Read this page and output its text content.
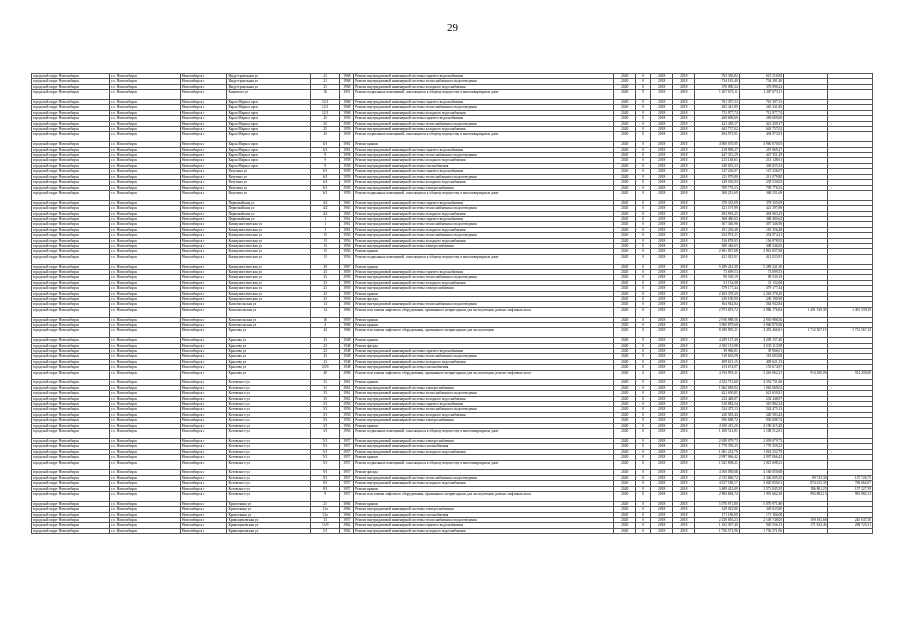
29
городской округ Новосибирск	г.о. Новосибирск	Новосибирск г	Индустриальная ул	21	1968	Ремонт внутридомовой инженерной системы горячего водоснабжения	2020	0	2018	2018	763 350,82	615 310,85		
городской округ Новосибирск	г.о. Новосибирск	Новосибирск г	Индустриальная ул	21	1968	Ремонт внутридомовой инженерной системы теплоснабжения и водоотведения	2020	0	2018	2018	734 181,40	734 181,40		
городской округ Новосибирск	г.о. Новосибирск	Новосибирск г	Индустриальная ул	21	1968	Ремонт внутридомовой инженерной системы холодного водоснабжения	2020	0	2018	2018	376 090,24	376 090,24		
городской округ Новосибирск	г.о. Новосибирск	Новосибирск г	Кинокооп ул	16	1951	Ремонт подвальных помещений, относящихся к общему имуществу в многоквартирном доме	2020	0	2018	2018	1 207 673,11	1 207 673,11		
городской округ Новосибирск	г.о. Новосибирск	Новосибирск г	Карла Маркса прсп	12/1	1968	Ремонт внутридомовой инженерной системы горячего водоснабжения	2020	0	2018	2018	761 397,33	761 397,33		
городской округ Новосибирск	г.о. Новосибирск	Новосибирск г	Карла Маркса прсп	12/1	1968	Ремонт внутридомовой инженерной системы теплоснабжения и водоотведения	2020	0	2018	2018	265 341,85	265 341,85		
городской округ Новосибирск	г.о. Новосибирск	Новосибирск г	Карла Маркса прсп	12/1	1968	Ремонт внутридомовой инженерной системы холодного водоснабжения	2020	0	2018	2018	711 977,74	711 977,74		
городской округ Новосибирск	г.о. Новосибирск	Новосибирск г	Карла Маркса прсп	25	1959	Ремонт внутридомовой инженерной системы горячего водоснабжения	2020	0	2018	2018	269 609,60	269 609,60		
городской округ Новосибирск	г.о. Новосибирск	Новосибирск г	Карла Маркса прсп	25	1959	Ремонт внутридомовой инженерной системы теплоснабжения и водоотведения	2020	0	2018	2018	421 439,17	421 439,17		
городской округ Новосибирск	г.о. Новосибирск	Новосибирск г	Карла Маркса прсп	25	1959	Ремонт внутридомовой инженерной системы холодного водоснабжения	2020	0	2018	2018	643 757,02	643 757,02		
городской округ Новосибирск	г.о. Новосибирск	Новосибирск г	Карла Маркса прсп	25	1959	Ремонт подвальных помещений, относящихся к общему имуществу в многоквартирном доме	2020	0	2018	2018	494 973,91	494 973,91		
городской округ Новосибирск	г.о. Новосибирск	Новосибирск г	Карла Маркса прсп	6/1	1961	Ремонт крыши	2020	0	2018	2018	4 960 670,05	4 960 670,05		
городской округ Новосибирск	г.о. Новосибирск	Новосибирск г	Карла Маркса прсп	6/1	1961	Ремонт внутридомовой инженерной системы горячего водоснабжения	2020	0	2018	2018	219 969,27	219 969,27		
городской округ Новосибирск	г.о. Новосибирск	Новосибирск г	Карла Маркса прсп	9	1958	Ремонт внутридомовой инженерной системы теплоснабжения и водоотведения	2020	0	2018	2018	447 351,29	447 351,29		
городской округ Новосибирск	г.о. Новосибирск	Новосибирск г	Карла Маркса прсп	9	1958	Ремонт внутридомовой инженерной системы холодного водоснабжения	2020	0	2018	2018	213 148,61	213 148,61		
городской округ Новосибирск	г.о. Новосибирск	Новосибирск г	Карла Маркса прсп	9	1958	Ремонт внутридомовой инженерной системы газоснабжения	2020	0	2018	2018	349 055,33	349 055,33		
городской округ Новосибирск	г.о. Новосибирск	Новосибирск г	Ватутина ул	6/1	1959	Ремонт внутридомовой инженерной системы горячего водоснабжения	2020	0	2018	2018	147 236,07	147 236,07		
городской округ Новосибирск	г.о. Новосибирск	Новосибирск г	Ватутина ул	6/1	1959	Ремонт внутридомовой инженерной системы теплоснабжения и водоотведения	2020	0	2018	2018	211 079,80	211 079,80		
городской округ Новосибирск	г.о. Новосибирск	Новосибирск г	Ватутина ул	6/1	1959	Ремонт внутридомовой инженерной системы холодного водоснабжения	2020	0	2018	2018	239 530,03	239 530,03		
городской округ Новосибирск	г.о. Новосибирск	Новосибирск г	Ватутина ул	6/1	1959	Ремонт внутридомовой инженерной системы электроснабжения	2020	0	2018	2018	709 776,53	709 776,53		
городской округ Новосибирск	г.о. Новосибирск	Новосибирск г	Ватутина ул	6/1	1959	Ремонт подвальных помещений, относящихся к общему имуществу в многоквартирном доме	2020	0	2018	2018	368 251,69	368 251,69		
городской округ Новосибирск	г.о. Новосибирск	Новосибирск г	Первомайская ул	4/2	1965	Ремонт внутридомовой инженерной системы горячего водоснабжения	2020	0	2018	2018	378 335,09	378 335,09		
городской округ Новосибирск	г.о. Новосибирск	Новосибирск г	Первомайская ул	4/2	1965	Ремонт внутридомовой инженерной системы теплоснабжения и водоотведения	2020	0	2018	2018	421 197,89	421 197,89		
городской округ Новосибирск	г.о. Новосибирск	Новосибирск г	Первомайская ул	4/2	1965	Ремонт внутридомовой инженерной системы холодного водоснабжения	2020	0	2018	2018	494 963,25	494 963,25		
городской округ Новосибирск	г.о. Новосибирск	Новосибирск г	Первомайская ул	1	1961	Ремонт внутридомовой инженерной системы горячего водоснабжения	2020	0	2018	2018	368 480,62	368 480,62		
городской округ Новосибирск	г.о. Новосибирск	Новосибирск г	Коммунистическая ул	1	1961	Ремонт внутридомовой инженерной системы теплоснабжения и водоотведения	2020	0	2018	2018	307 346,96	307 346,96		
городской округ Новосибирск	г.о. Новосибирск	Новосибирск г	Коммунистическая ул	1	1961	Ремонт внутридомовой инженерной системы холодного водоснабжения	2020	0	2018	2018	181 256,48	181 256,48		
городской округ Новосибирск	г.о. Новосибирск	Новосибирск г	Коммунистическая ул	15	1956	Ремонт внутридомовой инженерной системы теплоснабжения и водоотведения	2020	0	2018	2018	254 974,21	254 974,21		
городской округ Новосибирск	г.о. Новосибирск	Новосибирск г	Коммунистическая ул	15	1956	Ремонт внутридомовой инженерной системы холодного водоснабжения	2020	0	2018	2018	156 878,95	156 878,95		
городской округ Новосибирск	г.о. Новосибирск	Новосибирск г	Коммунистическая ул	15	1956	Ремонт внутридомовой инженерной системы электроснабжения	2020	0	2018	2018	308 346,65	308 346,65		
городской округ Новосибирск	г.о. Новосибирск	Новосибирск г	Коммунистическая ул	15	1956	Ремонт крыши	2020	0	2018	2018	2 961 837,68	2 961 837,68		
городской округ Новосибирск	г.о. Новосибирск	Новосибирск г	Коммунистическая ул	15	1956	Ремонт подвальных помещений, относящихся к общему имуществу в многоквартирном доме	2020	0	2018	2018	421 023,91	421 023,91		
городской округ Новосибирск	г.о. Новосибирск	Новосибирск г	Коммунистическая ул	29	1967	Ремонт крыши	2020	0	2018	2018	5 289 241,30	5 289 241,30		
городской округ Новосибирск	г.о. Новосибирск	Новосибирск г	Коммунистическая ул	23	1959	Ремонт внутридомовой инженерной системы горячего водоснабжения	2020	0	2018	2018	73 699,53	73 699,53		
городской округ Новосибирск	г.о. Новосибирск	Новосибирск г	Коммунистическая ул	23	1959	Ремонт внутридомовой инженерной системы теплоснабжения и водоотведения	2020	0	2018	2018	90 530,19	90 530,19		
городской округ Новосибирск	г.о. Новосибирск	Новосибирск г	Коммунистическая ул	23	1959	Ремонт внутридомовой инженерной системы холодного водоснабжения	2020	0	2018	2018	31 132,08	31 132,08		
городской округ Новосибирск	г.о. Новосибирск	Новосибирск г	Коммунистическая ул	23	1959	Ремонт внутридомовой инженерной системы электроснабжения	2020	0	2018	2018	379 177,44	379 177,44		
городской округ Новосибирск	г.о. Новосибирск	Новосибирск г	Коммунистическая ул	23	1959	Ремонт крыши	2020	0	2018	2018	2 263 378,20	2 263 378,20		
городской округ Новосибирск	г.о. Новосибирск	Новосибирск г	Коммунистическая ул	23	1959	Ремонт фасада	2020	0	2018	2018	230 190,90	230 190,90		
городской округ Новосибирск	г.о. Новосибирск	Новосибирск г	Комсомольская ул	14	1965	Ремонт внутридомовой инженерной системы теплоснабжения и водоотведения	2020	0	2018	2018	364 942,84	364 942,84		
городской округ Новосибирск	г.о. Новосибирск	Новосибирск г	Комсомольская ул	14	1966	Ремонт или замена лифтового оборудования, признанного непригодным для эксплуатации, ремонт лифтовых шахт	2020	0	2018	2018	2 973 819,72	2 986 176,84	1 491 339,39	1 491 339,39
городской округ Новосибирск	г.о. Новосибирск	Новосибирск г	Комсомольская ул	16	1959	Ремонт крыши	2020	0	2018	2018	2 916 988,56	2 916 988,56		
городской округ Новосибирск	г.о. Новосибирск	Новосибирск г	Комсомольская ул	4	1968	Ремонт крыши	2020	0	2018	2018	3 960 879,68	3 960 879,68		
городской округ Новосибирск	г.о. Новосибирск	Новосибирск г	Крылова ул	44	1968	Ремонт или замена лифтового оборудования, признанного непригодным для эксплуатации	2020	0	2018	2018	8 180 995,21	4 455 466,81	1 712 567,15	1 712 567,15
городской округ Новосибирск	г.о. Новосибирск	Новосибирск г	Крылова ул	23	1948	Ремонт крыши	2020	0	2018	2018	4 209 137,40	4 209 137,40		
городской округ Новосибирск	г.о. Новосибирск	Новосибирск г	Крылова ул	23	1948	Ремонт фасада	2020	0	2018	2018	2 035 113,98	2 035 113,98		
городской округ Новосибирск	г.о. Новосибирск	Новосибирск г	Крылова ул	23	1948	Ремонт внутридомовой инженерной системы горячего водоснабжения	2020	0	2018	2018	39 966,01	39 966,01		
городской округ Новосибирск	г.о. Новосибирск	Новосибирск г	Крылова ул	23	1948	Ремонт внутридомовой инженерной системы теплоснабжения и водоотведения	2020	0	2018	2018	118 603,08	118 603,08		
городской округ Новосибирск	г.о. Новосибирск	Новосибирск г	Крылова ул	23	1948	Ремонт внутридомовой инженерной системы холодного водоснабжения	2020	0	2018	2018	409 621,15	409 621,15		
городской округ Новосибирск	г.о. Новосибирск	Новосибирск г	Крылова ул	23/0	1948	Ремонт внутридомовой инженерной системы газоснабжения	2020	0	2018	2018	153 674,97	153 674,97		
городской округ Новосибирск	г.о. Новосибирск	Новосибирск г	Крылова ул	40	1968	Ремонт или замена лифтового оборудования, признанного непригодным для эксплуатации, ремонт лифтовых шахт	2020	0	2018	2018	4 194 993,21	3 263 862,21	914 200,00	914 200,00
городской округ Новосибирск	г.о. Новосибирск	Новосибирск г	Котовского ул	31	1961	Ремонт крыши	2020	0	2018	2018	4 352 731,60	4 352 731,60		
городской округ Новосибирск	г.о. Новосибирск	Новосибирск г	Котовского ул	31	1961	Ремонт внутридомовой инженерной системы электроснабжения	2020	0	2018	2018	1 062 069,02	1 062 069,02		
городской округ Новосибирск	г.о. Новосибирск	Новосибирск г	Котовского ул	33	1961	Ремонт внутридомовой инженерной системы теплоснабжения и водоотведения	2020	0	2018	2018	621 650,81	621 650,81		
городской округ Новосибирск	г.о. Новосибирск	Новосибирск г	Котовского ул	33	1961	Ремонт внутридомовой инженерной системы холодного водоснабжения	2020	0	2018	2018	232 448,07	232 448,07		
городской округ Новосибирск	г.о. Новосибирск	Новосибирск г	Котовского ул	3/1	1956	Ремонт внутридомовой инженерной системы горячего водоснабжения	2020	0	2018	2018	310 882,54	310 882,54		
городской округ Новосибирск	г.о. Новосибирск	Новосибирск г	Котовского ул	3/1	1956	Ремонт внутридомовой инженерной системы теплоснабжения и водоотведения	2020	0	2018	2018	524 475,13	524 475,13		
городской округ Новосибирск	г.о. Новосибирск	Новосибирск г	Котовского ул	3/1	1956	Ремонт внутридомовой инженерной системы холодного водоснабжения	2020	0	2018	2018	240 583,44	240 583,44		
городской округ Новосибирск	г.о. Новосибирск	Новосибирск г	Котовского ул	3/1	1956	Ремонт внутридомовой инженерной системы электроснабжения	2020	0	2018	2018	956 688,72	956 688,72		
городской округ Новосибирск	г.о. Новосибирск	Новосибирск г	Котовского ул	3/1	1956	Ремонт крыши	2020	0	2018	2018	4 100 415,20	4 100 415,20		
городской округ Новосибирск	г.о. Новосибирск	Новосибирск г	Котовского ул	3/1	1956	Ремонт подвальных помещений, относящихся к общему имуществу в многоквартирном доме	2020	0	2018	2018	1 108 512,81	1 108 512,81		
городской округ Новосибирск	г.о. Новосибирск	Новосибирск г	Котовского ул	5/1	1957	Ремонт внутридомовой инженерной системы электроснабжения	2020	0	2018	2018	2 039 079,73	2 039 079,73		
городской округ Новосибирск	г.о. Новосибирск	Новосибирск г	Котовского ул	5/1	1957	Ремонт внутридомовой инженерной системы газоснабжения	2020	0	2018	2018	1 770 359,23	1 770 359,23		
городской округ Новосибирск	г.о. Новосибирск	Новосибирск г	Котовского ул	5/1	1957	Ремонт внутридомовой инженерной системы холодного водоснабжения	2020	0	2018	2018	1 061 232,79	1 061 232,79		
городской округ Новосибирск	г.о. Новосибирск	Новосибирск г	Котовского ул	5/1	1957	Ремонт крыши	2020	0	2018	2018	2 997 066,42	2 997 066,42		
городской округ Новосибирск	г.о. Новосибирск	Новосибирск г	Котовского ул	5/1	1957	Ремонт подвальных помещений, относящихся к общему имуществу в многоквартирном доме	2020	0	2018	2018	1 021 698,21	1 021 698,21		
городской округ Новосибирск	г.о. Новосибирск	Новосибирск г	Котовского ул	9/1	1957	Ремонт фасада	2020	0	2018	2018	4 160 050,68	4 160 050,68		
городской округ Новосибирск	г.о. Новосибирск	Новосибирск г	Котовского ул	9/1	1957	Ремонт внутридомовой инженерной системы теплоснабжения и водоотведения	2020	0	2018	2018	2 315 680,72	2 346 005,55	89 723,30	137 726,75
городской округ Новосибирск	г.о. Новосибирск	Новосибирск г	Котовского ул	9/1	1957	Ремонт внутридомовой инженерной системы холодного водоснабжения	2020	0	2018	2018	4 017 180,17	3 020 050,01	874 415,30	708 064,97
городской округ Новосибирск	г.о. Новосибирск	Новосибирск г	Котовского ул	9/1	1957	Ремонт крыши	2020	0	2018	2018	3 489 412,09	2 571 045,35	186 881,25	157 227,59
городской округ Новосибирск	г.о. Новосибирск	Новосибирск г	Котовского ул	9	1957	Ремонт или замена лифтового оборудования, признанного непригодным для эксплуатации, ремонт лифтовых шахт	2020	0	2018	2018	2 983 684,74	1 991 662,30	993 882,13	993 882,13
городской округ Новосибирск	г.о. Новосибирск	Новосибирск г	Кропоткина ул	21	1966	Ремонт крыши	2020	0	2018	2018	5 070 971,80	5 070 971,80		
городской округ Новосибирск	г.о. Новосибирск	Новосибирск г	Кропоткина ул	21а	1966	Ремонт внутридомовой инженерной системы электроснабжения	2020	0	2018	2018	329 025,80	329 025,80		
городской округ Новосибирск	г.о. Новосибирск	Новосибирск г	Кропоткина ул	21а	1966	Ремонт внутридомовой инженерной системы газоснабжения	2020	0	2018	2018	171 186,00	171 186,00		
городской округ Новосибирск	г.о. Новосибирск	Новосибирск г	Кривощековская ул	13	1957	Ремонт внутридомовой инженерной системы теплоснабжения и водоотведения	2020	0	2018	2018	2 250 816,23	2 149 748,05	109 192,68	245 047,50
городской округ Новосибирск	г.о. Новосибирск	Новосибирск г	Кривощековская ул	13/0	1962	Ремонт внутридомовой инженерной системы горячего водоснабжения	2020	0	2018	2018	1 102 307,40	920 556,13	171 623,46	298 725,31
городской округ Новосибирск	г.о. Новосибирск	Новосибирск г	Кривощековская ул	5/1	1962	Ремонт внутридомовой инженерной системы холодного водоснабжения	2020	0	2018	2018	1 756 571,96	1 756 571,96		
